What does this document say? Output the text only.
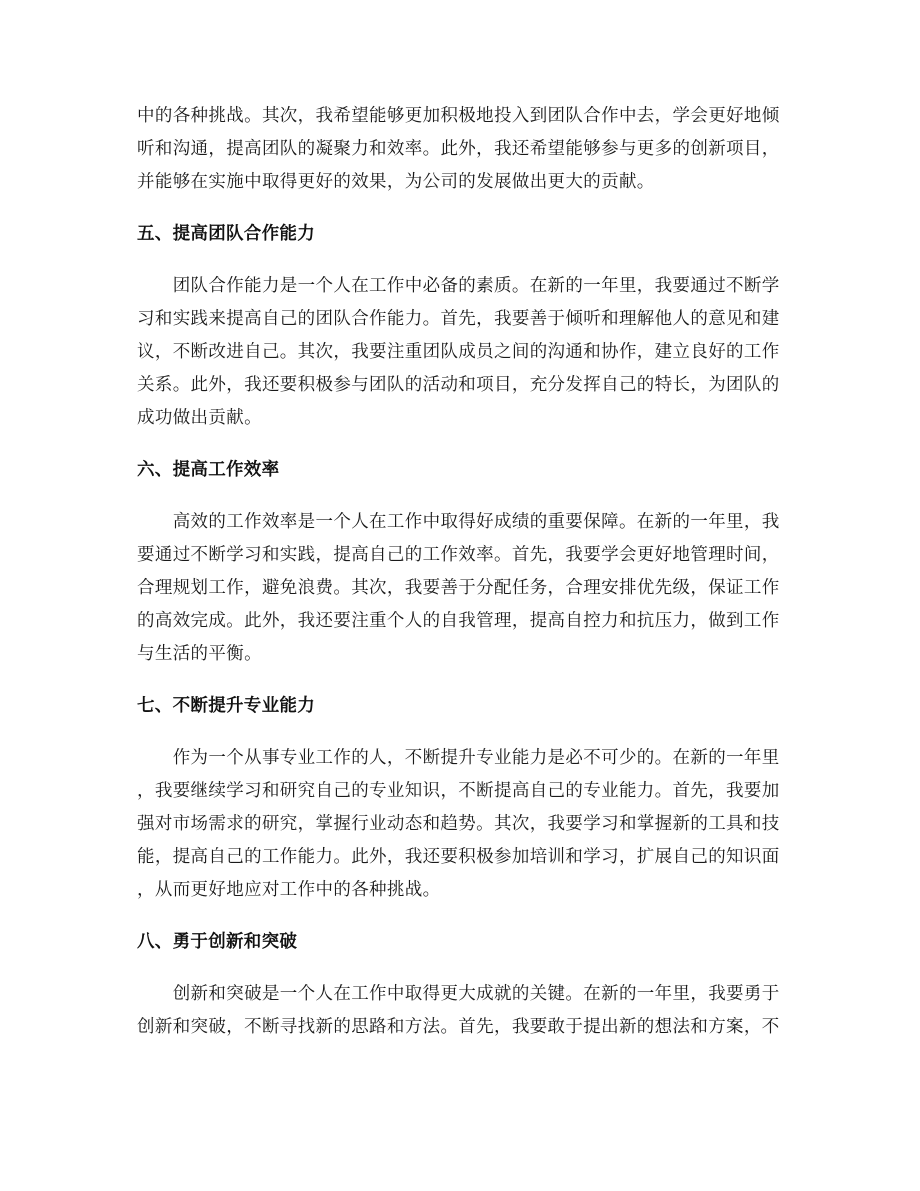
中的各种挑战。其次，我希望能够更加积极地投入到团队合作中去，学会更好地倾
听和沟通，提高团队的凝聚力和效率。此外，我还希望能够参与更多的创新项目，
并能够在实施中取得更好的效果，为公司的发展做出更大的贡献。
五、提高团队合作能力
　　团队合作能力是一个人在工作中必备的素质。在新的一年里，我要通过不断学
习和实践来提高自己的团队合作能力。首先，我要善于倾听和理解他人的意见和建
议，不断改进自己。其次，我要注重团队成员之间的沟通和协作，建立良好的工作
关系。此外，我还要积极参与团队的活动和项目，充分发挥自己的特长，为团队的
成功做出贡献。
六、提高工作效率
　　高效的工作效率是一个人在工作中取得好成绩的重要保障。在新的一年里，我
要通过不断学习和实践，提高自己的工作效率。首先，我要学会更好地管理时间，
合理规划工作，避免浪费。其次，我要善于分配任务，合理安排优先级，保证工作
的高效完成。此外，我还要注重个人的自我管理，提高自控力和抗压力，做到工作
与生活的平衡。
七、不断提升专业能力
　　作为一个从事专业工作的人，不断提升专业能力是必不可少的。在新的一年里
，我要继续学习和研究自己的专业知识，不断提高自己的专业能力。首先，我要加
强对市场需求的研究，掌握行业动态和趋势。其次，我要学习和掌握新的工具和技
能，提高自己的工作能力。此外，我还要积极参加培训和学习，扩展自己的知识面
，从而更好地应对工作中的各种挑战。
八、勇于创新和突破
　　创新和突破是一个人在工作中取得更大成就的关键。在新的一年里，我要勇于
创新和突破，不断寻找新的思路和方法。首先，我要敢于提出新的想法和方案，不
